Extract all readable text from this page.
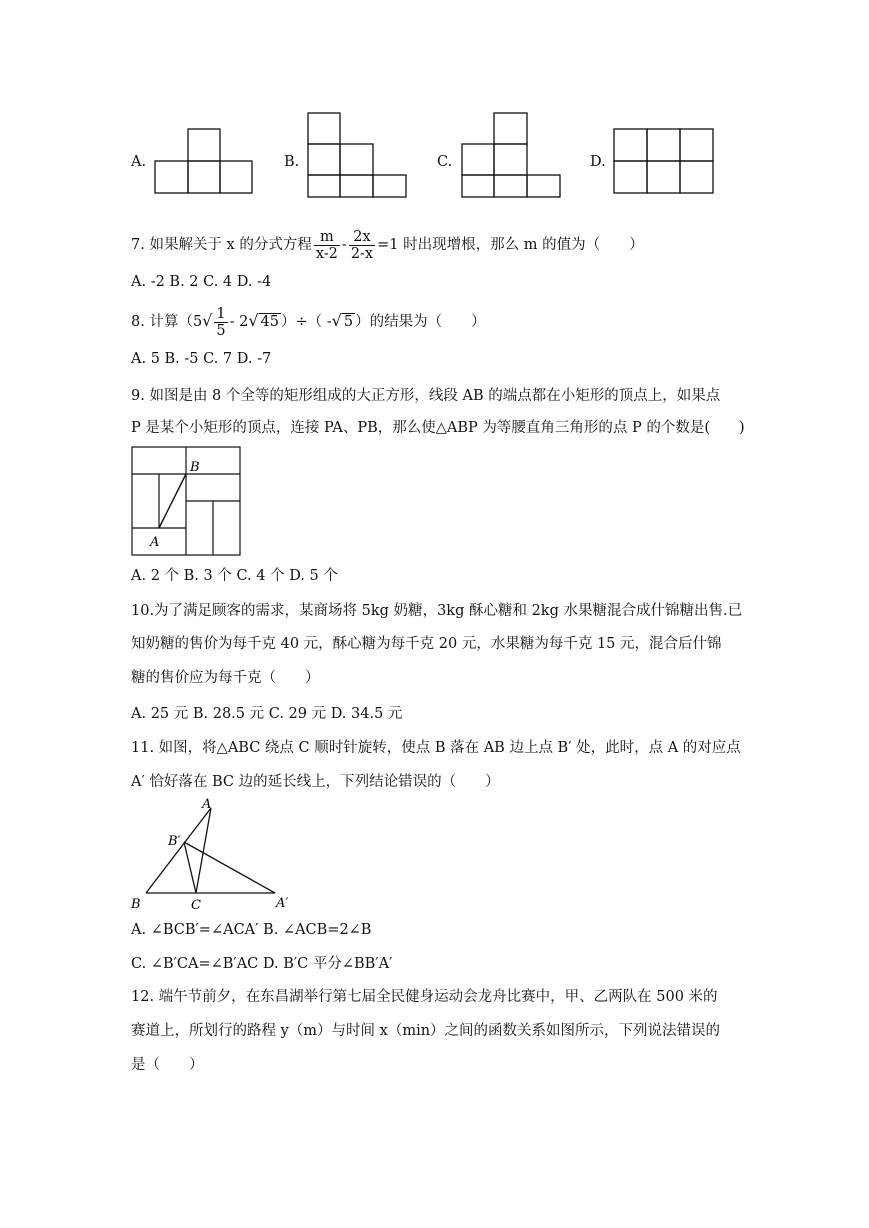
A.	B.	C.	D.
7. 如果解关于 x 的分式方程 $\frac{m}{x-2} - \frac{2x}{2-x} =1$ 时出现增根，那么 m 的值为（　　）
A. ‑2 B. 2 C. 4 D. ‑4
8. 计算（$5√ \frac{1}{5} - 2√$ 45 ）÷（ -√ 5 ）的结果为（　　）
A. 5 B. ‑5 C. 7 D. ‑7
9. 如图是由 8 个全等的矩形组成的大正方形，线段 AB 的端点都在小矩形的顶点上，如果点
P 是某个小矩形的顶点，连接 PA、PB，那么使△ABP 为等腰直角三角形的点 P 的个数是(　　)
B
A
A. 2 个 B. 3 个 C. 4 个 D. 5 个
10.为了满足顾客的需求，某商场将 5kg 奶糖，3kg 酥心糖和 2kg 水果糖混合成什锦糖出售.已
知奶糖的售价为每千克 40 元，酥心糖为每千克 20 元，水果糖为每千克 15 元，混合后什锦
糖的售价应为每千克（　　）
A. 25 元 B. 28.5 元 C. 29 元 D. 34.5 元
11. 如图，将△ABC 绕点 C 顺时针旋转，使点 B 落在 AB 边上点 B′ 处，此时，点 A 的对应点
A′ 恰好落在 BC 边的延长线上，下列结论错误的（　　）
A
B′
B	C	A′
A. ∠BCB′=∠ACA′ B. ∠ACB=2∠B
C. ∠B′CA=∠B′AC D. B′C 平分∠BB′A′
12. 端午节前夕，在东昌湖举行第七届全民健身运动会龙舟比赛中，甲、乙两队在 500 米的
赛道上，所划行的路程 y（m）与时间 x（min）之间的函数关系如图所示，下列说法错误的
是（　　）
